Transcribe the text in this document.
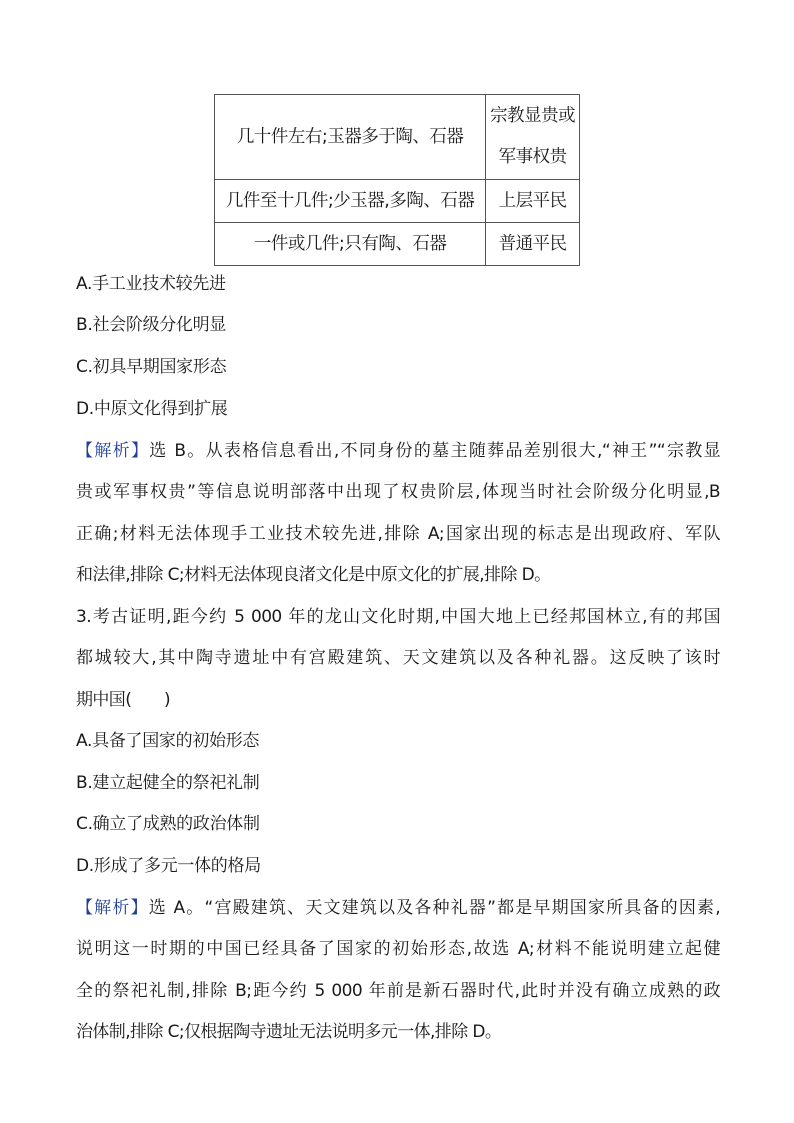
几十件左右;玉器多于陶、石器	宗教显贵或
军事权贵

几件至十几件;少玉器,多陶、石器	上层平民
一件或几件;只有陶、石器	普通平民
A.手工业技术较先进
B.社会阶级分化明显
C.初具早期国家形态
D.中原文化得到扩展
【解析】选 B。从表格信息看出,不同身份的墓主随葬品差别很大,“神王”“宗教显
贵或军事权贵”等信息说明部落中出现了权贵阶层,体现当时社会阶级分化明显,B
正确;材料无法体现手工业技术较先进,排除 A;国家出现的标志是出现政府、军队
和法律,排除 C;材料无法体现良渚文化是中原文化的扩展,排除 D。
3.考古证明,距今约 5 000 年的龙山文化时期,中国大地上已经邦国林立,有的邦国
都城较大,其中陶寺遗址中有宫殿建筑、天文建筑以及各种礼器。这反映了该时
期中国(　　)
A.具备了国家的初始形态
B.建立起健全的祭祀礼制
C.确立了成熟的政治体制
D.形成了多元一体的格局
【解析】选 A。“宫殿建筑、天文建筑以及各种礼器”都是早期国家所具备的因素,
说明这一时期的中国已经具备了国家的初始形态,故选 A;材料不能说明建立起健
全的祭祀礼制,排除 B;距今约 5 000 年前是新石器时代,此时并没有确立成熟的政
治体制,排除 C;仅根据陶寺遗址无法说明多元一体,排除 D。
